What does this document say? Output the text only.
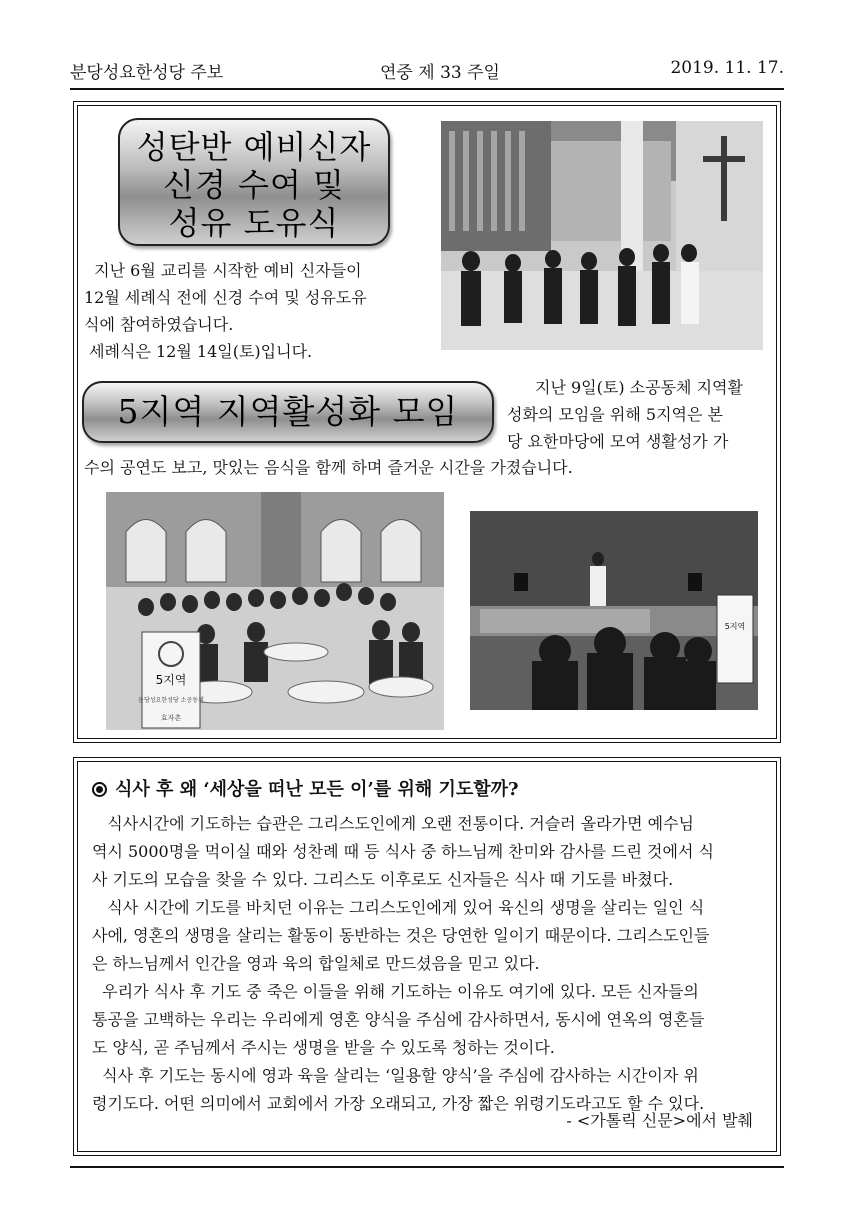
분당성요한성당 주보	연중 제 33 주일	2019. 11. 17.
성탄반 예비신자
신경 수여 및
성유 도유식
지난 6월 교리를 시작한 예비 신자들이
12월 세례식 전에 신경 수여 및 성유도유
식에 참여하였습니다.
세례식은 12월 14일(토)입니다.
5지역 지역활성화 모임
지난 9일(토) 소공동체 지역활
성화의 모임을 위해 5지역은 본
당 요한마당에 모여 생활성가 가
수의 공연도 보고, 맛있는 음식을 함께 하며 즐거운 시간을 가졌습니다.
5지역
분당성요한성당 소공동체
효자촌
5지역
식사 후 왜 ‘세상을 떠난 모든 이’를 위해 기도할까?
식사시간에 기도하는 습관은 그리스도인에게 오랜 전통이다. 거슬러 올라가면 예수님
역시 5000명을 먹이실 때와 성찬례 때 등 식사 중 하느님께 찬미와 감사를 드린 것에서 식
사 기도의 모습을 찾을 수 있다. 그리스도 이후로도 신자들은 식사 때 기도를 바쳤다.
식사 시간에 기도를 바치던 이유는 그리스도인에게 있어 육신의 생명을 살리는 일인 식
사에, 영혼의 생명을 살리는 활동이 동반하는 것은 당연한 일이기 때문이다. 그리스도인들
은 하느님께서 인간을 영과 육의 합일체로 만드셨음을 믿고 있다.
우리가 식사 후 기도 중 죽은 이들을 위해 기도하는 이유도 여기에 있다. 모든 신자들의
통공을 고백하는 우리는 우리에게 영혼 양식을 주심에 감사하면서, 동시에 연옥의 영혼들
도 양식, 곧 주님께서 주시는 생명을 받을 수 있도록 청하는 것이다.
식사 후 기도는 동시에 영과 육을 살리는 ‘일용할 양식’을 주심에 감사하는 시간이자 위
령기도다. 어떤 의미에서 교회에서 가장 오래되고, 가장 짧은 위령기도라고도 할 수 있다.
- <가톨릭 신문>에서 발췌
